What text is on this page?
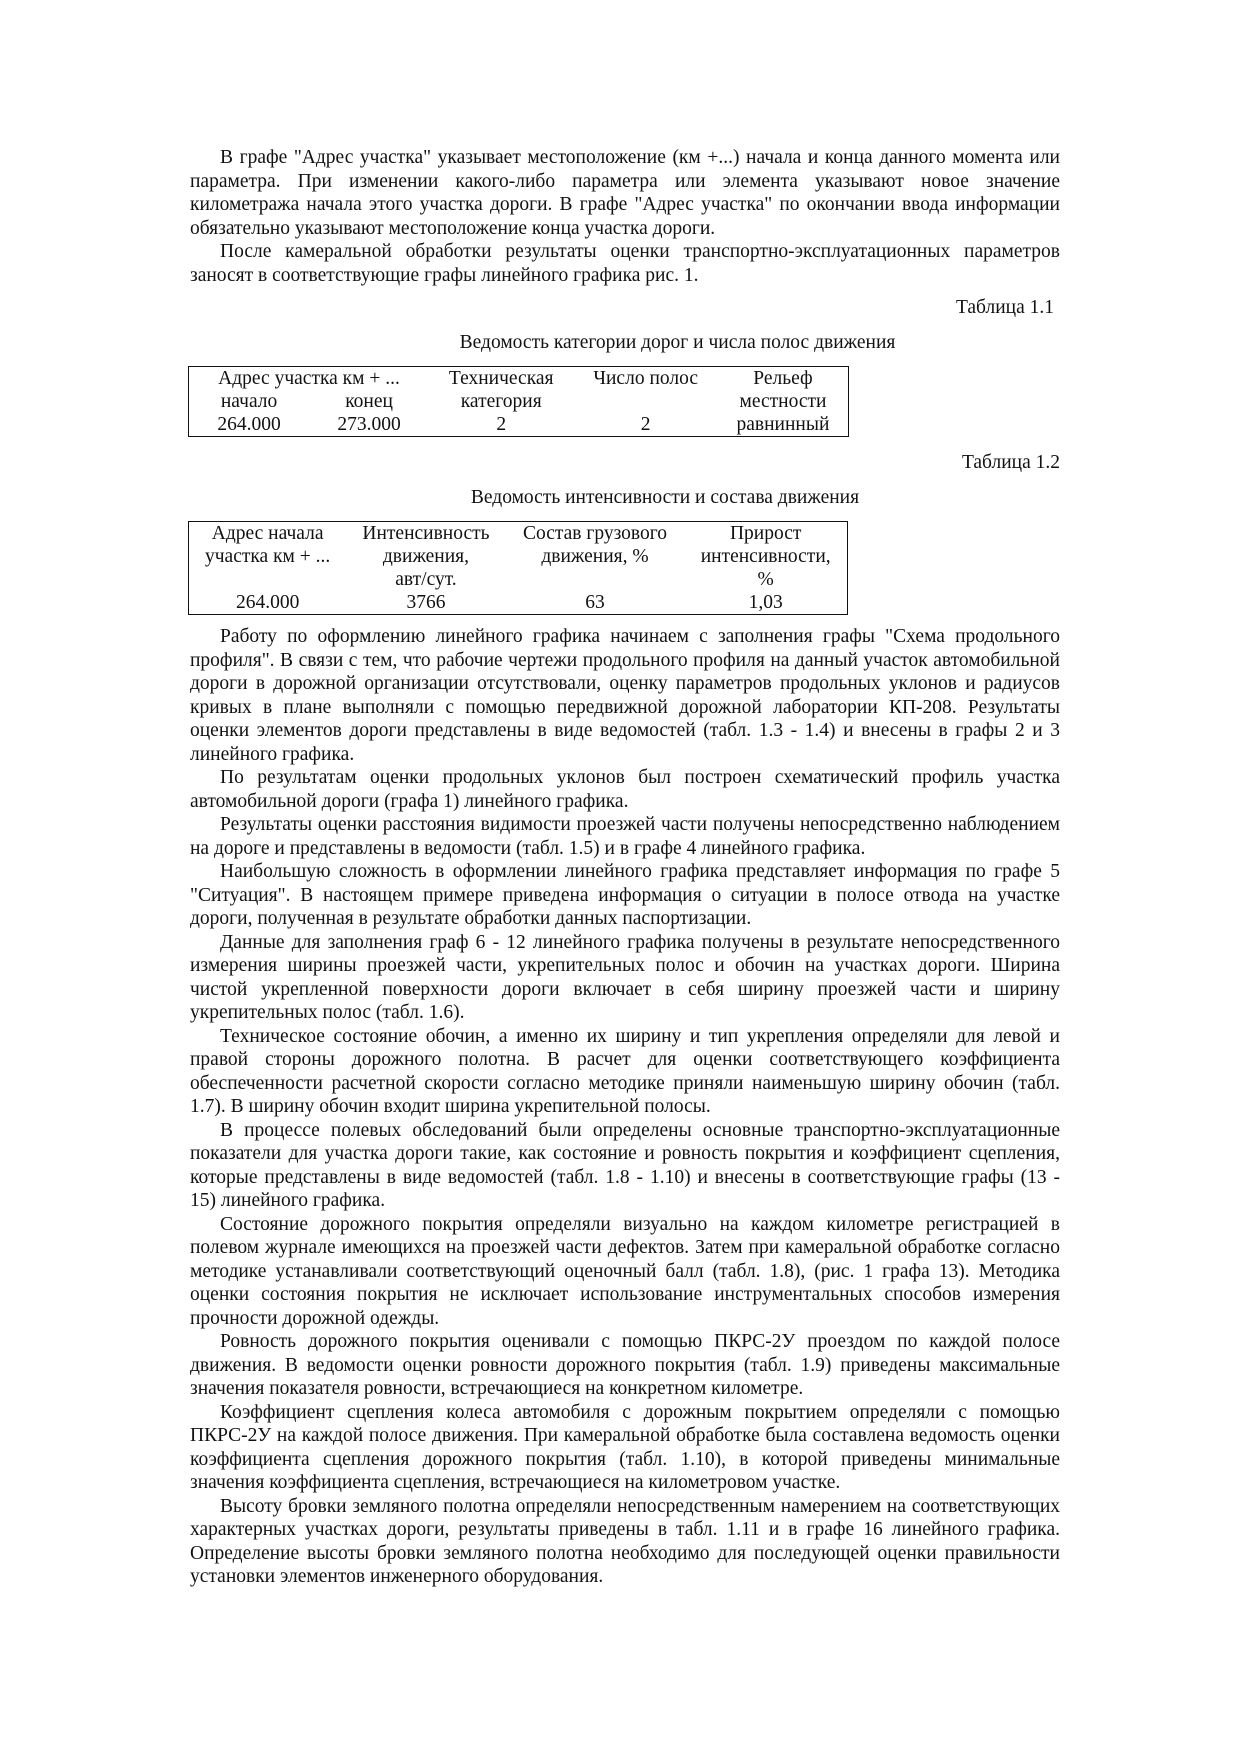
В графе "Адрес участка" указывает местоположение (км +...) начала и конца данного момента или параметра. При изменении какого-либо параметра или элемента указывают новое значение километража начала этого участка дороги. В графе "Адрес участка" по окончании ввода информации обязательно указывают местоположение конца участка дороги.

После камеральной обработки результаты оценки транспортно-эксплуатационных параметров заносят в соответствующие графы линейного графика рис. 1.

Таблица 1.1
Ведомость категории дорог и числа полос движения
Адрес участка км + ...		Техническая	Число полос	Рельеф
начало	конец	категория		местности
264.000	273.000	2	2	равнинный
Таблица 1.2
Ведомость интенсивности и состава движения
Адрес начала	Интенсивность	Состав грузового	Прирост
участка км + ...	движения,	движения, %	интенсивности,
	авт/сут.		%
264.000	3766	63	1,03

Работу по оформлению линейного графика начинаем с заполнения графы "Схема продольного профиля". В связи с тем, что рабочие чертежи продольного профиля на данный участок автомобильной дороги в дорожной организации отсутствовали, оценку параметров продольных уклонов и радиусов кривых в плане выполняли с помощью передвижной дорожной лаборатории КП-208. Результаты оценки элементов дороги представлены в виде ведомостей (табл. 1.3 - 1.4) и внесены в графы 2 и 3 линейного графика.

По результатам оценки продольных уклонов был построен схематический профиль участка автомобильной дороги (графа 1) линейного графика.

Результаты оценки расстояния видимости проезжей части получены непосредственно наблюдением на дороге и представлены в ведомости (табл. 1.5) и в графе 4 линейного графика.

Наибольшую сложность в оформлении линейного графика представляет информация по графе 5 "Ситуация". В настоящем примере приведена информация о ситуации в полосе отвода на участке дороги, полученная в результате обработки данных паспортизации.

Данные для заполнения граф 6 - 12 линейного графика получены в результате непосредственного измерения ширины проезжей части, укрепительных полос и обочин на участках дороги. Ширина чистой укрепленной поверхности дороги включает в себя ширину проезжей части и ширину укрепительных полос (табл. 1.6).

Техническое состояние обочин, а именно их ширину и тип укрепления определяли для левой и правой стороны дорожного полотна. В расчет для оценки соответствующего коэффициента обеспеченности расчетной скорости согласно методике приняли наименьшую ширину обочин (табл. 1.7). В ширину обочин входит ширина укрепительной полосы.

В процессе полевых обследований были определены основные транспортно-эксплуатационные показатели для участка дороги такие, как состояние и ровность покрытия и коэффициент сцепления, которые представлены в виде ведомостей (табл. 1.8 - 1.10) и внесены в соответствующие графы (13 - 15) линейного графика.

Состояние дорожного покрытия определяли визуально на каждом километре регистрацией в полевом журнале имеющихся на проезжей части дефектов. Затем при камеральной обработке согласно методике устанавливали соответствующий оценочный балл (табл. 1.8), (рис. 1 графа 13). Методика оценки состояния покрытия не исключает использование инструментальных способов измерения прочности дорожной одежды.

Ровность дорожного покрытия оценивали с помощью ПКРС-2У проездом по каждой полосе движения. В ведомости оценки ровности дорожного покрытия (табл. 1.9) приведены максимальные значения показателя ровности, встречающиеся на конкретном километре.

Коэффициент сцепления колеса автомобиля с дорожным покрытием определяли с помощью ПКРС-2У на каждой полосе движения. При камеральной обработке была составлена ведомость оценки коэффициента сцепления дорожного покрытия (табл. 1.10), в которой приведены минимальные значения коэффициента сцепления, встречающиеся на километровом участке.

Высоту бровки земляного полотна определяли непосредственным намерением на соответствующих характерных участках дороги, результаты приведены в табл. 1.11 и в графе 16 линейного графика. Определение высоты бровки земляного полотна необходимо для последующей оценки правильности установки элементов инженерного оборудования.
